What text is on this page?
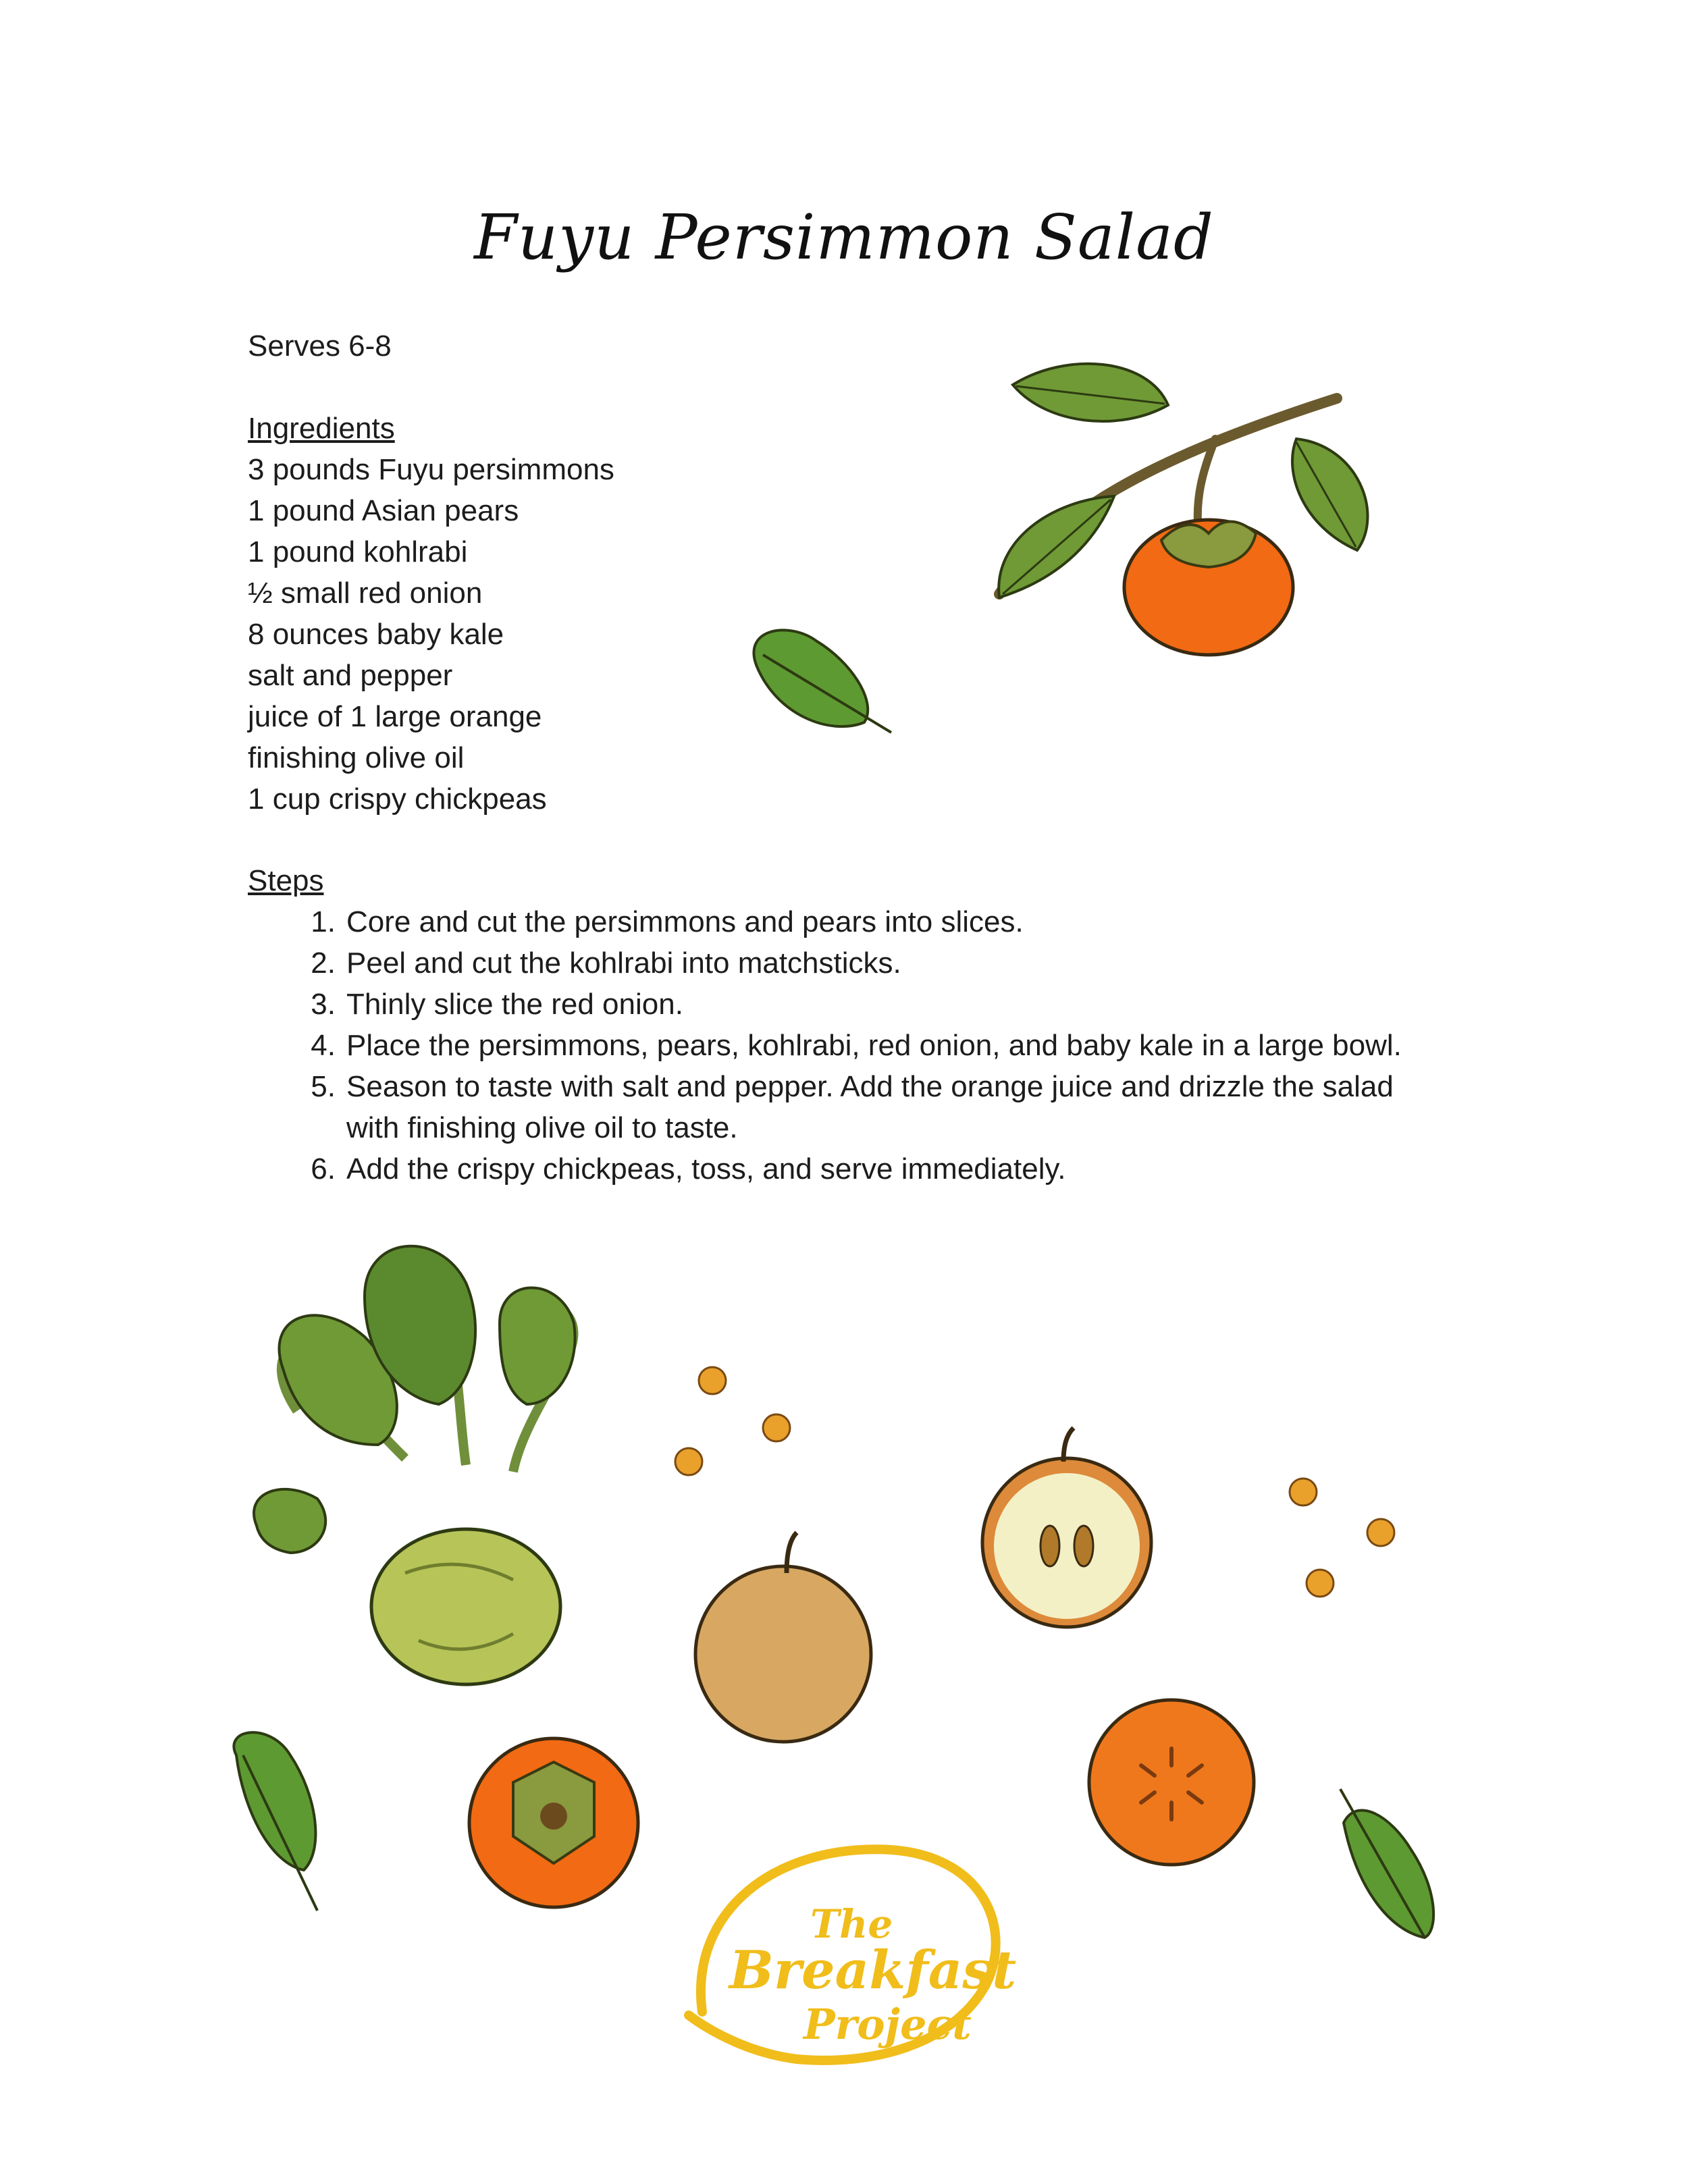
Fuyu Persimmon Salad
Serves 6-8
Ingredients
3 pounds Fuyu persimmons
1 pound Asian pears
1 pound kohlrabi
½ small red onion
8 ounces baby kale
salt and pepper
juice of 1 large orange
finishing olive oil
1 cup crispy chickpeas
Steps
1 . Core and cut the persimmons and pears into slices.
2 . Peel and cut the kohlrabi into matchsticks.
3 . Thinly slice the red onion.
4 . Place the persimmons, pears, kohlrabi, red onion, and baby kale in a large bowl.
5 . Season to taste with salt and pepper. Add the orange juice and drizzle the salad with finishing olive oil to taste.
6 . Add the crispy chickpeas, toss, and serve immediately.
The
Breakfast
Project
